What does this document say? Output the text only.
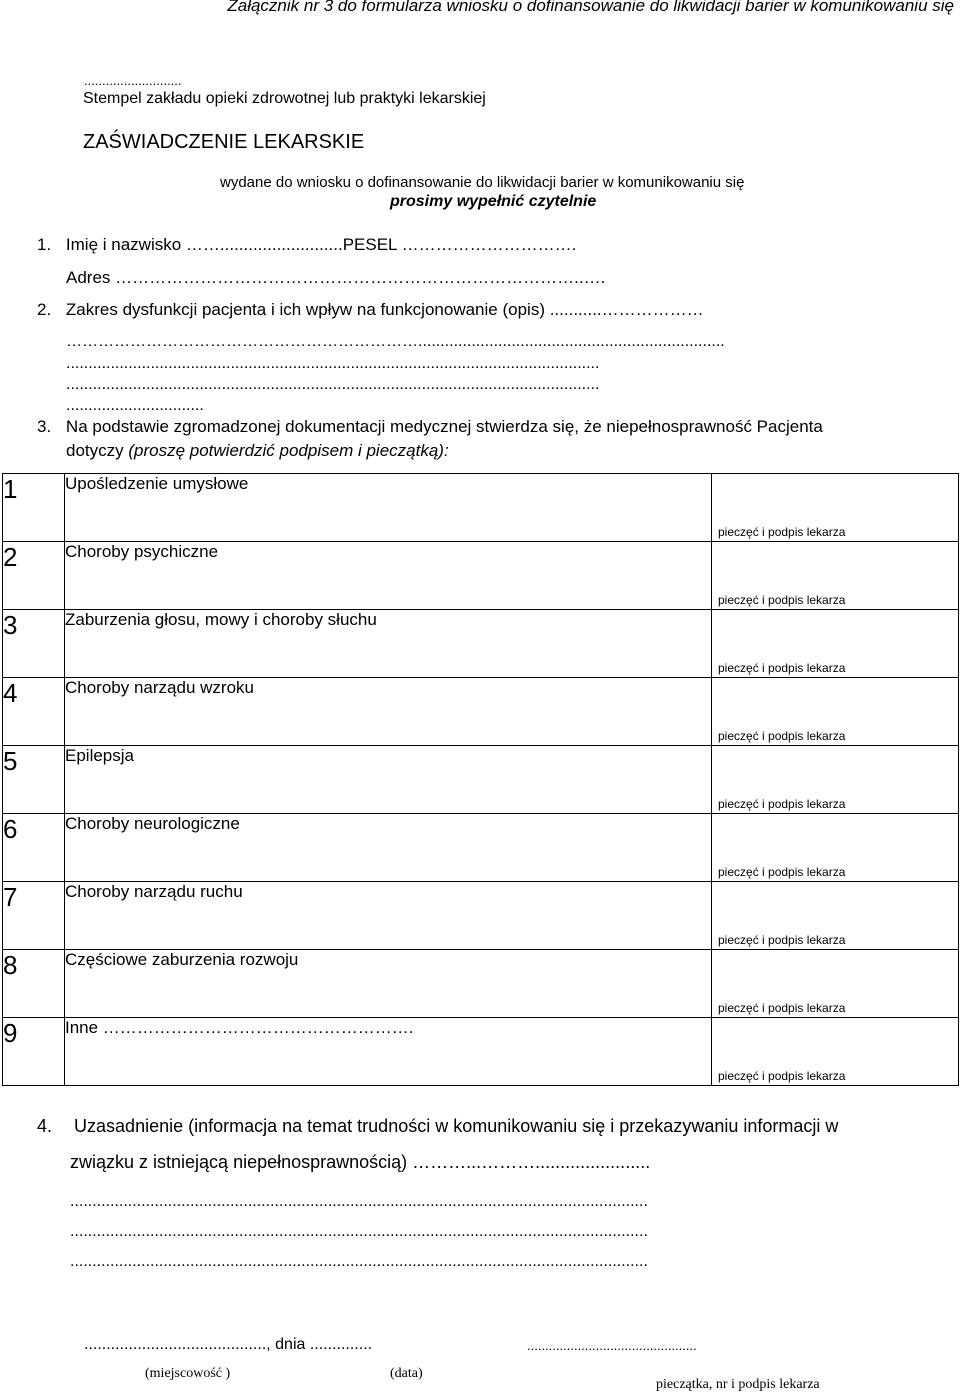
Załącznik nr 3 do formularza wniosku o dofinansowanie do likwidacji barier w komunikowaniu się
...........................
Stempel zakładu opieki zdrowotnej lub praktyki lekarskiej
ZAŚWIADCZENIE LEKARSKIE
wydane do wniosku o dofinansowanie do likwidacji barier w komunikowaniu się
prosimy wypełnić czytelnie
1. Imię i nazwisko ……..........................PESEL ………………………….
Adres ………………………………………………………………………..….
2. Zakres dysfunkcji pacjenta i ich wpływ na funkcjonowanie (opis) ...........………………
………………………………………………………….....................................................................
........................................................................................................................
........................................................................................................................
...............................
3. Na podstawie zgromadzonej dokumentacji medycznej stwierdza się, że niepełnosprawność Pacjenta
dotyczy (proszę potwierdzić podpisem i pieczątką):
1	Upośledzenie umysłowe	pieczęć i podpis lekarza

2	Choroby psychiczne	pieczęć i podpis lekarza

3	Zaburzenia głosu, mowy i choroby słuchu	pieczęć i podpis lekarza

4	Choroby narządu wzroku	pieczęć i podpis lekarza

5	Epilepsja	pieczęć i podpis lekarza

6	Choroby neurologiczne	pieczęć i podpis lekarza

7	Choroby narządu ruchu	pieczęć i podpis lekarza

8	Częściowe zaburzenia rozwoju	pieczęć i podpis lekarza

9	Inne ……………………………………………….	pieczęć i podpis lekarza
4. Uzasadnienie (informacja na temat trudności w komunikowaniu się i przekazywaniu informacji w
związku z istniejącą niepełnosprawnością) ………...……….......................
..................................................................................................................................
..................................................................................................................................
..................................................................................................................................
........................................., dnia ..............	...............................................
(miejscowość )	(data)
pieczątka, nr i podpis lekarza
